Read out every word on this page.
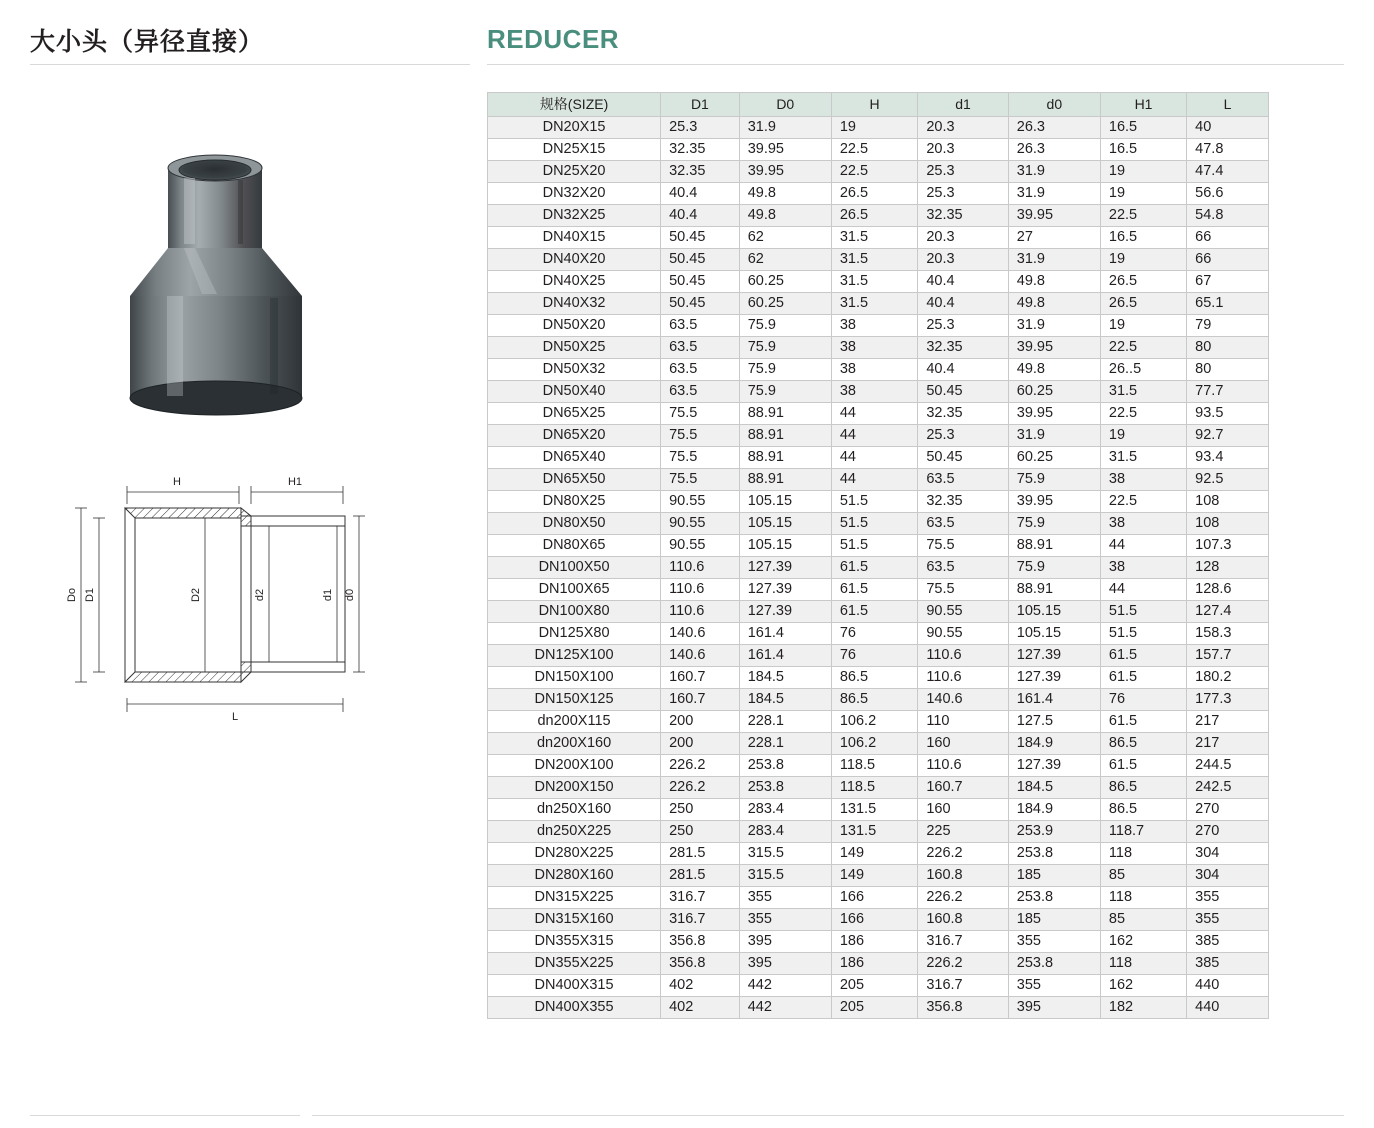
大小头（异径直接）	REDUCER
H	H1
Do D1	D2	d2	d1 d0
L
规格(SIZE)	D1	D0	H	d1	d0	H1	L
DN20X15	25.3	31.9	19	20.3	26.3	16.5	40
DN25X15	32.35	39.95	22.5	20.3	26.3	16.5	47.8
DN25X20	32.35	39.95	22.5	25.3	31.9	19	47.4
DN32X20	40.4	49.8	26.5	25.3	31.9	19	56.6
DN32X25	40.4	49.8	26.5	32.35	39.95	22.5	54.8
DN40X15	50.45	62	31.5	20.3	27	16.5	66
DN40X20	50.45	62	31.5	20.3	31.9	19	66
DN40X25	50.45	60.25	31.5	40.4	49.8	26.5	67
DN40X32	50.45	60.25	31.5	40.4	49.8	26.5	65.1
DN50X20	63.5	75.9	38	25.3	31.9	19	79
DN50X25	63.5	75.9	38	32.35	39.95	22.5	80
DN50X32	63.5	75.9	38	40.4	49.8	26..5	80
DN50X40	63.5	75.9	38	50.45	60.25	31.5	77.7
DN65X25	75.5	88.91	44	32.35	39.95	22.5	93.5
DN65X20	75.5	88.91	44	25.3	31.9	19	92.7
DN65X40	75.5	88.91	44	50.45	60.25	31.5	93.4
DN65X50	75.5	88.91	44	63.5	75.9	38	92.5
DN80X25	90.55	105.15	51.5	32.35	39.95	22.5	108
DN80X50	90.55	105.15	51.5	63.5	75.9	38	108
DN80X65	90.55	105.15	51.5	75.5	88.91	44	107.3
DN100X50	110.6	127.39	61.5	63.5	75.9	38	128
DN100X65	110.6	127.39	61.5	75.5	88.91	44	128.6
DN100X80	110.6	127.39	61.5	90.55	105.15	51.5	127.4
DN125X80	140.6	161.4	76	90.55	105.15	51.5	158.3
DN125X100	140.6	161.4	76	110.6	127.39	61.5	157.7
DN150X100	160.7	184.5	86.5	110.6	127.39	61.5	180.2
DN150X125	160.7	184.5	86.5	140.6	161.4	76	177.3
dn200X115	200	228.1	106.2	110	127.5	61.5	217
dn200X160	200	228.1	106.2	160	184.9	86.5	217
DN200X100	226.2	253.8	118.5	110.6	127.39	61.5	244.5
DN200X150	226.2	253.8	118.5	160.7	184.5	86.5	242.5
dn250X160	250	283.4	131.5	160	184.9	86.5	270
dn250X225	250	283.4	131.5	225	253.9	118.7	270
DN280X225	281.5	315.5	149	226.2	253.8	118	304
DN280X160	281.5	315.5	149	160.8	185	85	304
DN315X225	316.7	355	166	226.2	253.8	118	355
DN315X160	316.7	355	166	160.8	185	85	355
DN355X315	356.8	395	186	316.7	355	162	385
DN355X225	356.8	395	186	226.2	253.8	118	385
DN400X315	402	442	205	316.7	355	162	440
DN400X355	402	442	205	356.8	395	182	440
